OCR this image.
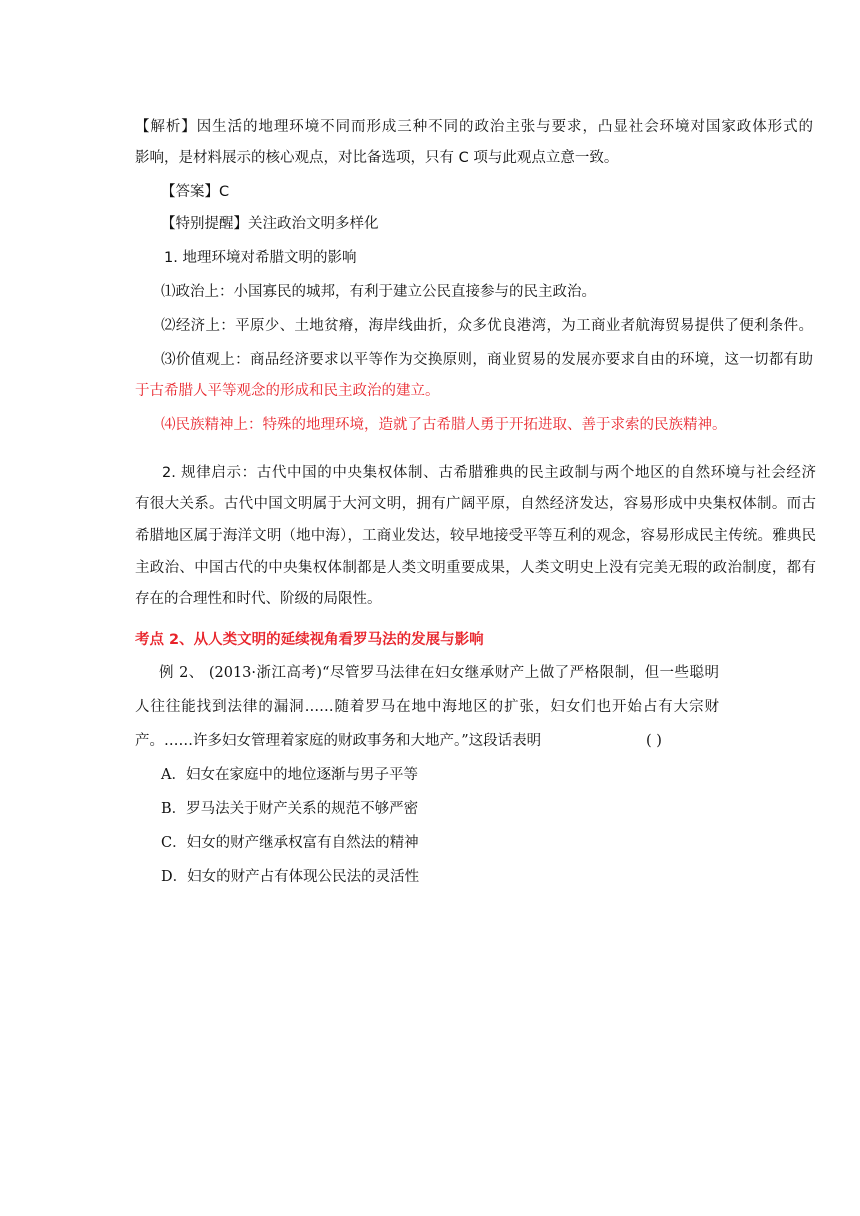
【解析】因生活的地理环境不同而形成三种不同的政治主张与要求，凸显社会环境对国家政体形式的

影响，是材料展示的核心观点，对比备选项，只有 C 项与此观点立意一致。

【答案】C

【特别提醒】关注政治文明多样化

1. 地理环境对希腊文明的影响

⑴政治上：小国寡民的城邦，有利于建立公民直接参与的民主政治。

⑵经济上：平原少、土地贫瘠，海岸线曲折，众多优良港湾，为工商业者航海贸易提供了便利条件。

⑶价值观上：商品经济要求以平等作为交换原则，商业贸易的发展亦要求自由的环境，这一切都有助

于古希腊人平等观念的形成和民主政治的建立。

⑷民族精神上：特殊的地理环境，造就了古希腊人勇于开拓进取、善于求索的民族精神。

2. 规律启示：古代中国的中央集权体制、古希腊雅典的民主政制与两个地区的自然环境与社会经济

有很大关系。古代中国文明属于大河文明，拥有广阔平原，自然经济发达，容易形成中央集权体制。而古

希腊地区属于海洋文明（地中海），工商业发达，较早地接受平等互利的观念，容易形成民主传统。雅典民

主政治、中国古代的中央集权体制都是人类文明重要成果，人类文明史上没有完美无瑕的政治制度，都有

存在的合理性和时代、阶级的局限性。

考点 2、从人类文明的延续视角看罗马法的发展与影响

例 2、 (2013·浙江高考)“尽管罗马法律在妇女继承财产上做了严格限制，但一些聪明

人往往能找到法律的漏洞……随着罗马在地中海地区的扩张，妇女们也开始占有大宗财

产。……许多妇女管理着家庭的财政事务和大地产。”这段话表明	( )

A．妇女在家庭中的地位逐渐与男子平等

B．罗马法关于财产关系的规范不够严密

C．妇女的财产继承权富有自然法的精神

D．妇女的财产占有体现公民法的灵活性
